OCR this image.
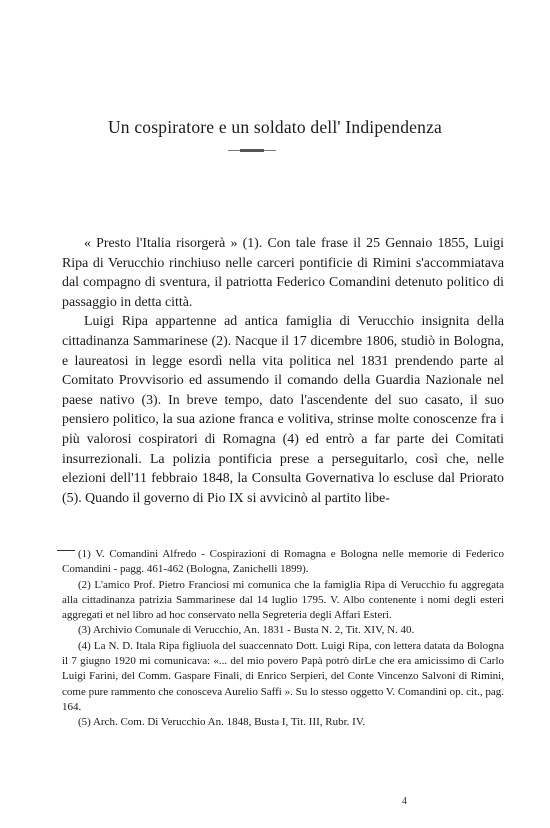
Un cospiratore e un soldato dell' Indipendenza

« Presto l'Italia risorgerà » (1). Con tale frase il 25 Gennaio 1855, Luigi Ripa di Verucchio rinchiuso nelle carceri pontificie di Rimini s'accommiatava dal compagno di sventura, il patriotta Federico Comandini detenuto politico di passaggio in detta città.

Luigi Ripa appartenne ad antica famiglia di Verucchio insignita della cittadinanza Sammarinese (2). Nacque il 17 dicembre 1806, studiò in Bologna, e laureatosi in legge esordì nella vita politica nel 1831 prendendo parte al Comitato Provvisorio ed assumendo il comando della Guardia Nazionale nel paese nativo (3). In breve tempo, dato l'ascendente del suo casato, il suo pensiero politico, la sua azione franca e volitiva, strinse molte conoscenze fra i più valorosi cospiratori di Romagna (4) ed entrò a far parte dei Comitati insurrezionali. La polizia pontificia prese a perseguitarlo, così che, nelle elezioni dell'11 febbraio 1848, la Consulta Governativa lo escluse dal Priorato (5). Quando il governo di Pio IX si avvicinò al partito libe-

(1) V. Comandini Alfredo - Cospirazioni di Romagna e Bologna nelle memorie di Federico Comandini - pagg. 461-462 (Bologna, Zanichelli 1899).

(2) L'amico Prof. Pietro Franciosi mi comunica che la famiglia Ripa di Verucchio fu aggregata alla cittadinanza patrizia Sammarinese dal 14 luglio 1795. V. Albo contenente i nomi degli esteri aggregati et nel libro ad hoc conservato nella Segreteria degli Affari Esteri.

(3) Archivio Comunale di Verucchio, An. 1831 - Busta N. 2, Tit. XIV, N. 40.

(4) La N. D. Itala Ripa figliuola del suaccennato Dott. Luigi Ripa, con lettera datata da Bologna il 7 giugno 1920 mi comunicava: «... del mio povero Papà potrò dirLe che era amicissimo di Carlo Luigi Farini, del Comm. Gaspare Finali, di Enrico Serpieri, del Conte Vincenzo Salvoni di Rimini, come pure rammento che conosceva Aurelio Saffi ». Su lo stesso oggetto V. Comandini op. cit., pag. 164.

(5) Arch. Com. Di Verucchio An. 1848, Busta I, Tit. III, Rubr. IV.

4
